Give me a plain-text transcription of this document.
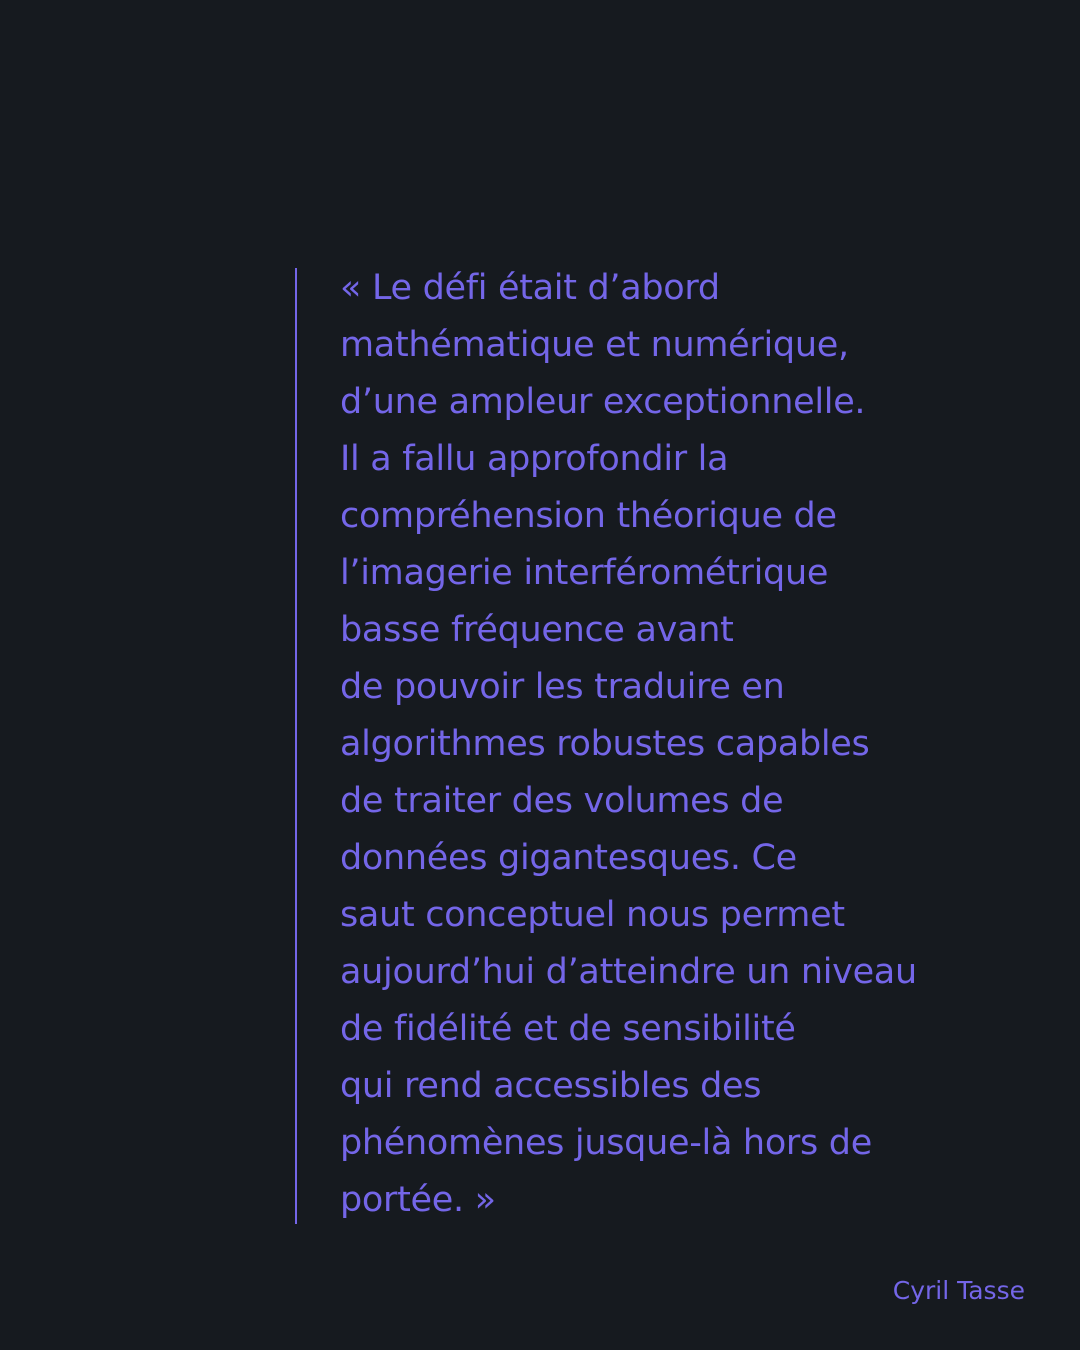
« Le défi était d’abord
mathématique et numérique,
d’une ampleur exceptionnelle.
Il a fallu approfondir la
compréhension théorique de
l’imagerie interférométrique
basse fréquence avant
de pouvoir les traduire en
algorithmes robustes capables
de traiter des volumes de
données gigantesques. Ce
saut conceptuel nous permet
aujourd’hui d’atteindre un niveau
de fidélité et de sensibilité
qui rend accessibles des
phénomènes jusque-là hors de
portée. »
Cyril Tasse
